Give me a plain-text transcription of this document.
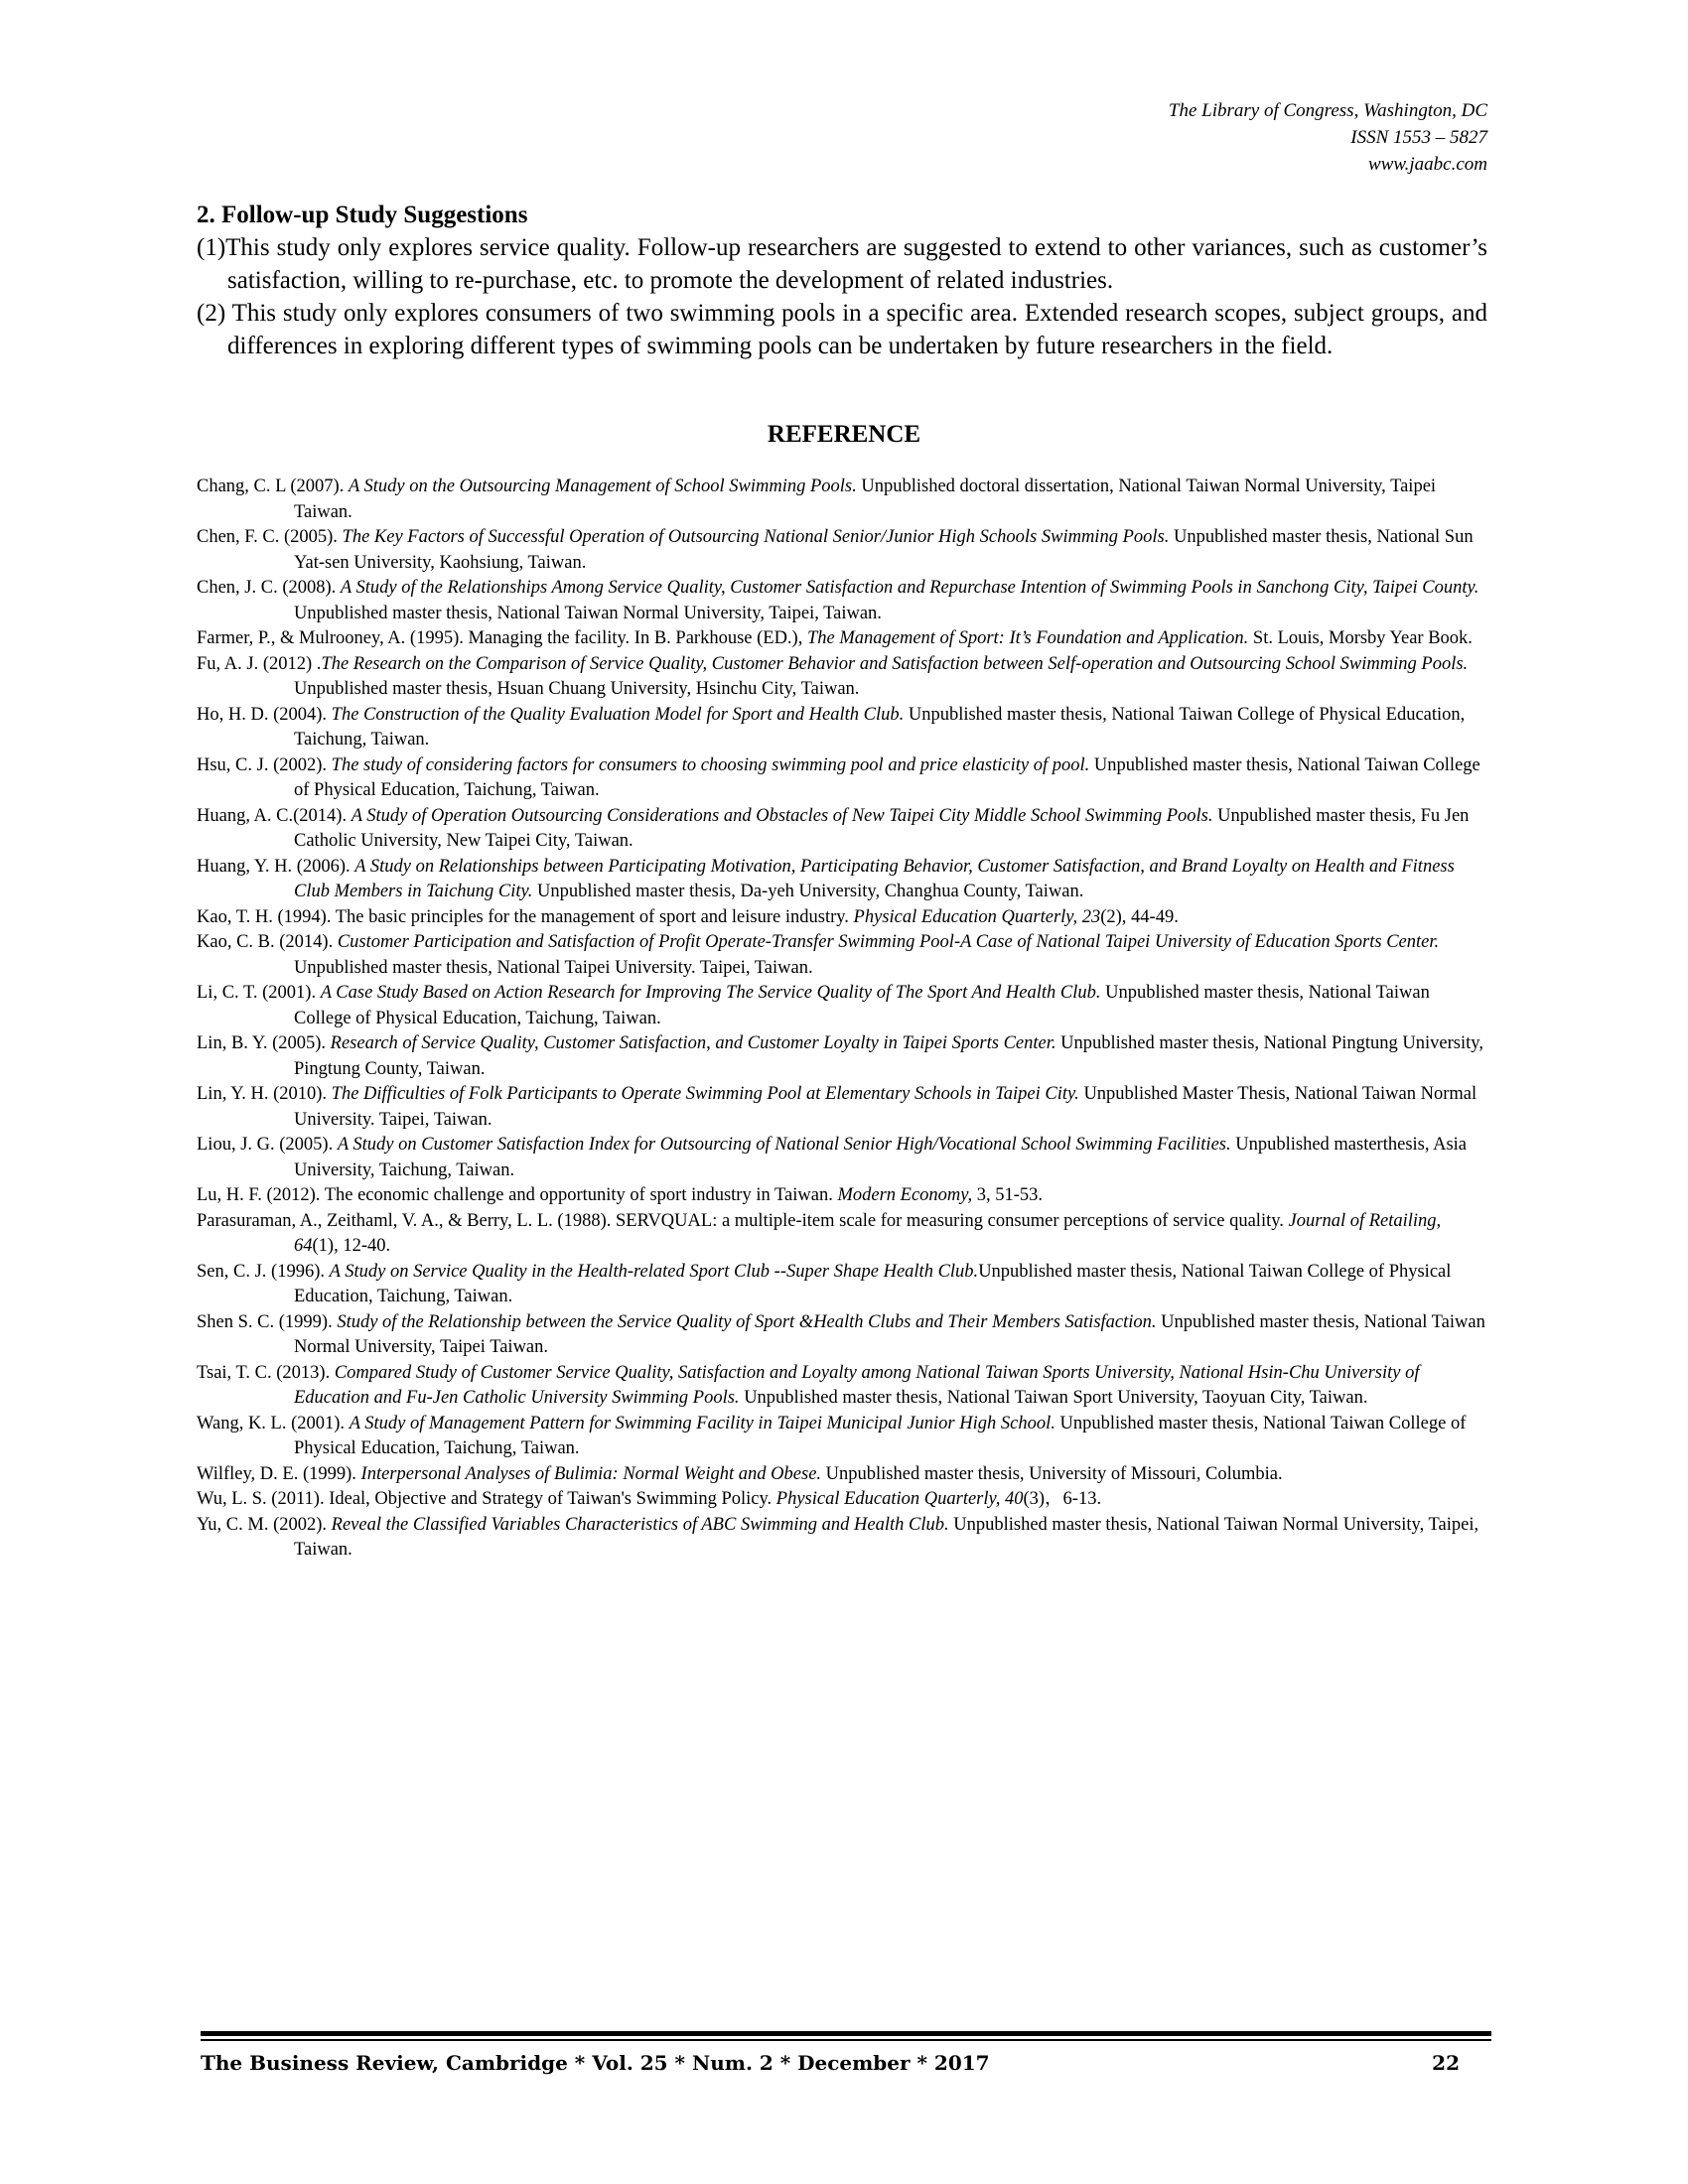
The Library of Congress, Washington, DC
ISSN 1553 – 5827
www.jaabc.com
2. Follow-up Study Suggestions

(1)This study only explores service quality. Follow-up researchers are suggested to extend to other variances, such as customer’s satisfaction, willing to re-purchase, etc. to promote the development of related industries.

(2) This study only explores consumers of two swimming pools in a specific area. Extended research scopes, subject groups, and differences in exploring different types of swimming pools can be undertaken by future researchers in the field.

REFERENCE

Chang, C. L (2007). A Study on the Outsourcing Management of School Swimming Pools. Unpublished doctoral dissertation, National Taiwan Normal University, Taipei Taiwan.

Chen, F. C. (2005). The Key Factors of Successful Operation of Outsourcing National Senior/Junior High Schools Swimming Pools. Unpublished master thesis, National Sun Yat-sen University, Kaohsiung, Taiwan.

Chen, J. C. (2008). A Study of the Relationships Among Service Quality, Customer Satisfaction and Repurchase Intention of Swimming Pools in Sanchong City, Taipei County. Unpublished master thesis, National Taiwan Normal University, Taipei, Taiwan.

Farmer, P., & Mulrooney, A. (1995). Managing the facility. In B. Parkhouse (ED.), The Management of Sport: It’s Foundation and Application. St. Louis, Morsby Year Book.

Fu, A. J. (2012) .The Research on the Comparison of Service Quality, Customer Behavior and Satisfaction between Self-operation and Outsourcing School Swimming Pools. Unpublished master thesis, Hsuan Chuang University, Hsinchu City, Taiwan.

Ho, H. D. (2004). The Construction of the Quality Evaluation Model for Sport and Health Club. Unpublished master thesis, National Taiwan College of Physical Education, Taichung, Taiwan.

Hsu, C. J. (2002). The study of considering factors for consumers to choosing swimming pool and price elasticity of pool. Unpublished master thesis, National Taiwan College of Physical Education, Taichung, Taiwan.

Huang, A. C.(2014). A Study of Operation Outsourcing Considerations and Obstacles of New Taipei City Middle School Swimming Pools. Unpublished master thesis, Fu Jen Catholic University, New Taipei City, Taiwan.

Huang, Y. H. (2006). A Study on Relationships between Participating Motivation, Participating Behavior, Customer Satisfaction, and Brand Loyalty on Health and Fitness Club Members in Taichung City. Unpublished master thesis, Da-yeh University, Changhua County, Taiwan.

Kao, T. H. (1994). The basic principles for the management of sport and leisure industry. Physical Education Quarterly, 23(2), 44-49.

Kao, C. B. (2014). Customer Participation and Satisfaction of Profit Operate-Transfer Swimming Pool-A Case of National Taipei University of Education Sports Center. Unpublished master thesis, National Taipei University. Taipei, Taiwan.

Li, C. T. (2001). A Case Study Based on Action Research for Improving The Service Quality of The Sport And Health Club. Unpublished master thesis, National Taiwan College of Physical Education, Taichung, Taiwan.

Lin, B. Y. (2005). Research of Service Quality, Customer Satisfaction, and Customer Loyalty in Taipei Sports Center. Unpublished master thesis, National Pingtung University, Pingtung County, Taiwan.

Lin, Y. H. (2010). The Difficulties of Folk Participants to Operate Swimming Pool at Elementary Schools in Taipei City. Unpublished Master Thesis, National Taiwan Normal University. Taipei, Taiwan.

Liou, J. G. (2005). A Study on Customer Satisfaction Index for Outsourcing of National Senior High/Vocational School Swimming Facilities. Unpublished masterthesis, Asia University, Taichung, Taiwan.

Lu, H. F. (2012). The economic challenge and opportunity of sport industry in Taiwan. Modern Economy, 3, 51-53.

Parasuraman, A., Zeithaml, V. A., & Berry, L. L. (1988). SERVQUAL: a multiple-item scale for measuring consumer perceptions of service quality. Journal of Retailing, 64(1), 12-40.

Sen, C. J. (1996). A Study on Service Quality in the Health-related Sport Club --Super Shape Health Club.Unpublished master thesis, National Taiwan College of Physical Education, Taichung, Taiwan.

Shen S. C. (1999). Study of the Relationship between the Service Quality of Sport &Health Clubs and Their Members Satisfaction. Unpublished master thesis, National Taiwan Normal University, Taipei Taiwan.

Tsai, T. C. (2013). Compared Study of Customer Service Quality, Satisfaction and Loyalty among National Taiwan Sports University, National Hsin-Chu University of Education and Fu-Jen Catholic University Swimming Pools. Unpublished master thesis, National Taiwan Sport University, Taoyuan City, Taiwan.

Wang, K. L. (2001). A Study of Management Pattern for Swimming Facility in Taipei Municipal Junior High School. Unpublished master thesis, National Taiwan College of Physical Education, Taichung, Taiwan.

Wilfley, D. E. (1999). Interpersonal Analyses of Bulimia: Normal Weight and Obese. Unpublished master thesis, University of Missouri, Columbia.

Wu, L. S. (2011). Ideal, Objective and Strategy of Taiwan's Swimming Policy. Physical Education Quarterly, 40(3)，6-13.

Yu, C. M. (2002). Reveal the Classified Variables Characteristics of ABC Swimming and Health Club. Unpublished master thesis, National Taiwan Normal University, Taipei, Taiwan.

The Business Review, Cambridge * Vol. 25 * Num. 2 * December * 2017	22
